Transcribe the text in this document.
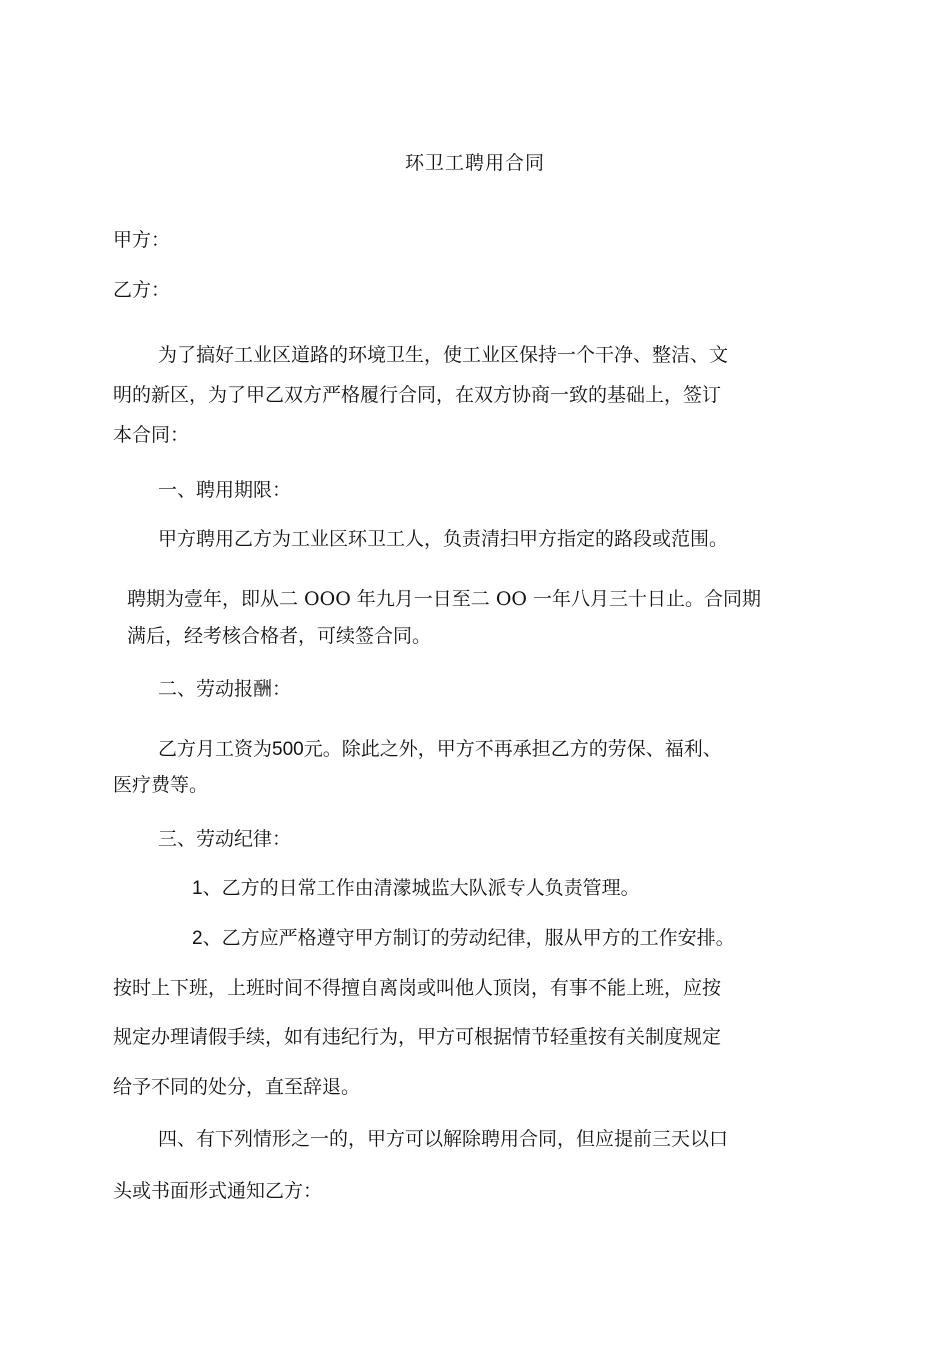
环卫工聘用合同
甲方：
乙方：
为了搞好工业区道路的环境卫生，使工业区保持一个干净、整洁、文
明的新区，为了甲乙双方严格履行合同，在双方协商一致的基础上，签订
本合同：
一、聘用期限：
甲方聘用乙方为工业区环卫工人，负责清扫甲方指定的路段或范围。
聘期为壹年，即从二 OOO 年九月一日至二 OO 一年八月三十日止。合同期
满后，经考核合格者，可续签合同。
二、劳动报酬：
乙方月工资为500元。除此之外，甲方不再承担乙方的劳保、福利、
医疗费等。
三、劳动纪律：
1、乙方的日常工作由清濛城监大队派专人负责管理。
2、乙方应严格遵守甲方制订的劳动纪律，服从甲方的工作安排。
按时上下班，上班时间不得擅自离岗或叫他人顶岗，有事不能上班，应按
规定办理请假手续，如有违纪行为，甲方可根据情节轻重按有关制度规定
给予不同的处分，直至辞退。
四、有下列情形之一的，甲方可以解除聘用合同，但应提前三天以口
头或书面形式通知乙方：
